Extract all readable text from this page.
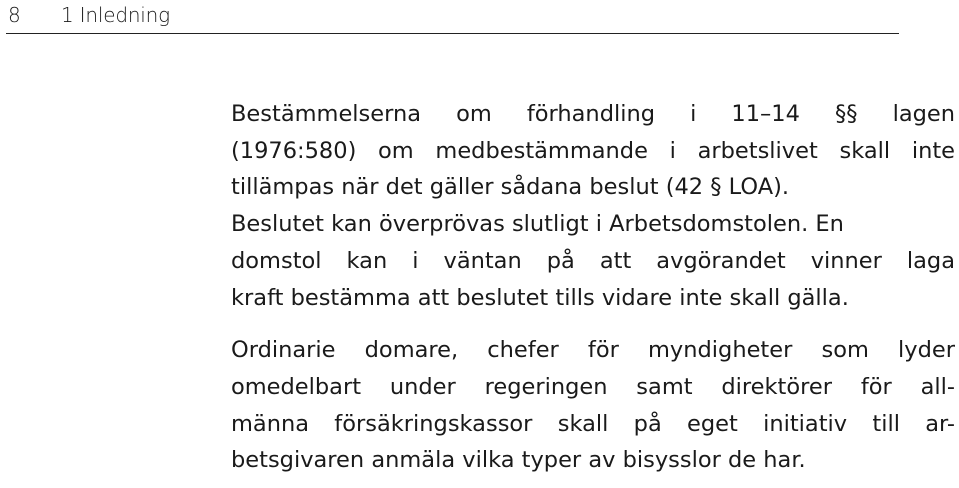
8 1 Inledning

Bestämmelserna om förhandling i 11–14 §§ lagen
(1976:580) om medbestämmande i arbetslivet skall inte
tillämpas när det gäller sådana beslut (42 § LOA).
Beslutet kan överprövas slutligt i Arbetsdomstolen. En
domstol kan i väntan på att avgörandet vinner laga
kraft bestämma att beslutet tills vidare inte skall gälla.

Ordinarie domare, chefer för myndigheter som lyder
omedelbart under regeringen samt direktörer för all-
männa försäkringskassor skall på eget initiativ till ar-
betsgivaren anmäla vilka typer av bisysslor de har.
